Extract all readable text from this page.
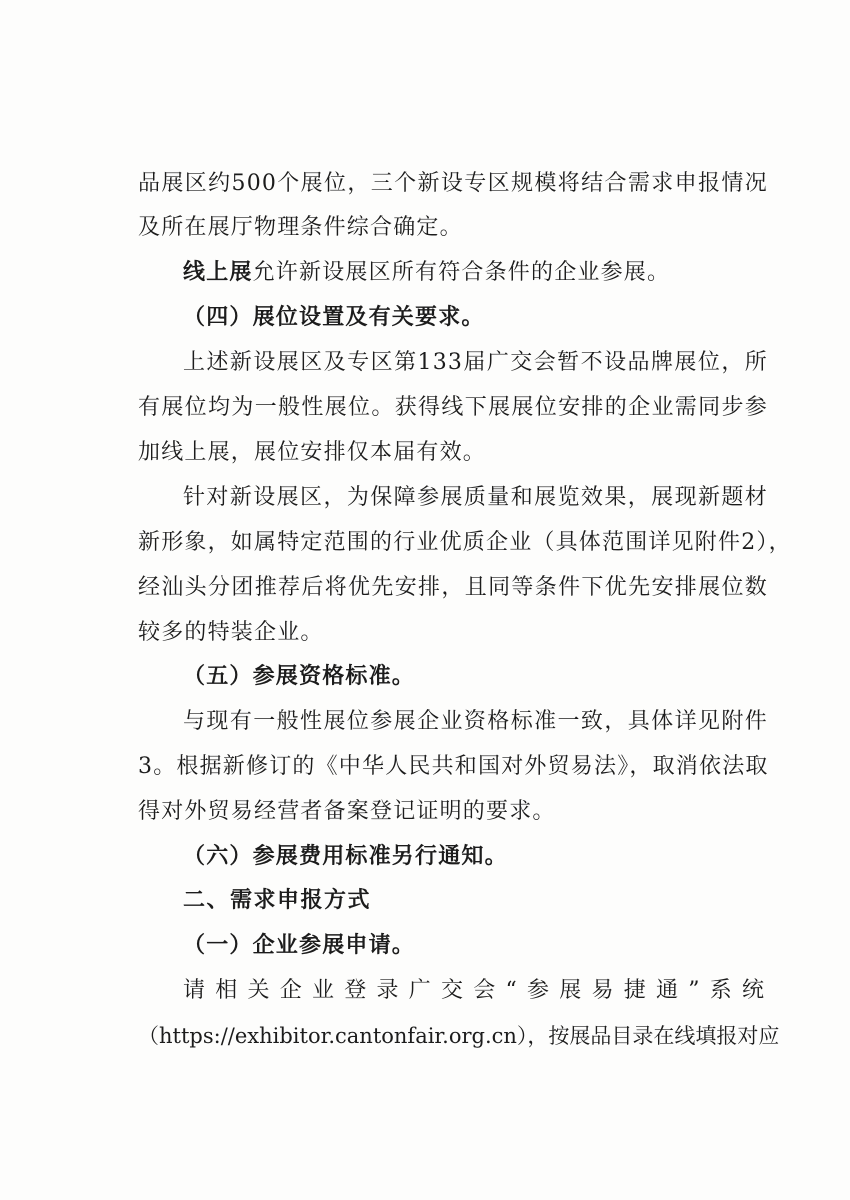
品展区约500个展位，三个新设专区规模将结合需求申报情况
及所在展厅物理条件综合确定。
线上展允许新设展区所有符合条件的企业参展。
（四）展位设置及有关要求。
上述新设展区及专区第133届广交会暂不设品牌展位，所
有展位均为一般性展位。获得线下展展位安排的企业需同步参
加线上展，展位安排仅本届有效。
针对新设展区，为保障参展质量和展览效果，展现新题材
新形象，如属特定范围的行业优质企业（具体范围详见附件2），
经汕头分团推荐后将优先安排，且同等条件下优先安排展位数
较多的特装企业。
（五）参展资格标准。
与现有一般性展位参展企业资格标准一致，具体详见附件
3。根据新修订的《中华人民共和国对外贸易法》，取消依法取
得对外贸易经营者备案登记证明的要求。
（六）参展费用标准另行通知。
二、需求申报方式
（一）企业参展申请。
请相关企业登录广交会“参展易捷通”系统
（https://exhibitor.cantonfair.org.cn），按展品目录在线填报对应
